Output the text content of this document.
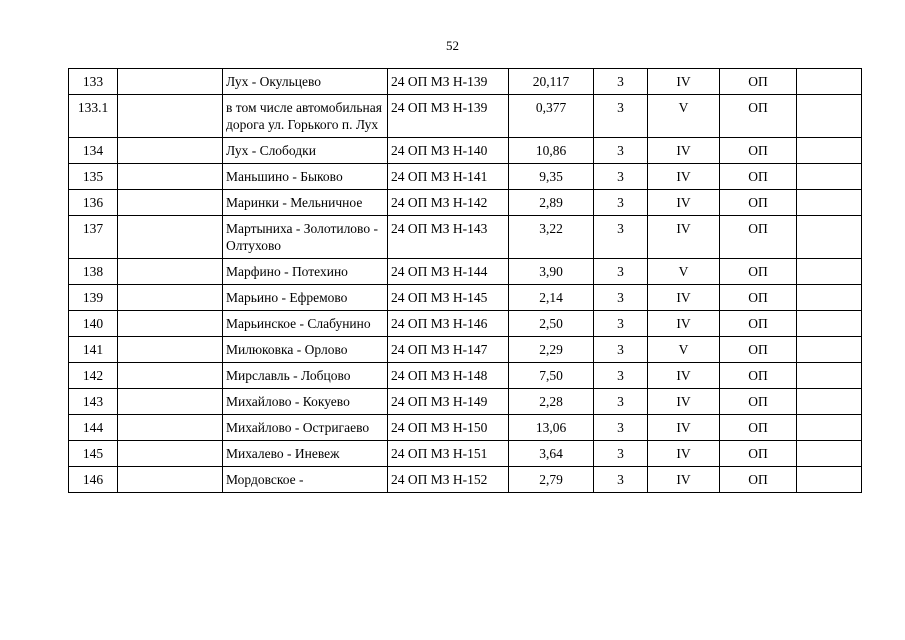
52
133		Лух - Окульцево	24 ОП МЗ Н-139	20,117	3	IV	ОП	
133.1		в том числе автомобильная дорога ул. Горького п. Лух	24 ОП МЗ Н-139	0,377	3	V	ОП	
134		Лух - Слободки	24 ОП МЗ Н-140	10,86	3	IV	ОП	
135		Маньшино - Быково	24 ОП МЗ Н-141	9,35	3	IV	ОП	
136		Маринки - Мельничное	24 ОП МЗ Н-142	2,89	3	IV	ОП	
137		Мартыниха - Золотилово - Олтухово	24 ОП МЗ Н-143	3,22	3	IV	ОП	
138		Марфино - Потехино	24 ОП МЗ Н-144	3,90	3	V	ОП	
139		Марьино - Ефремово	24 ОП МЗ Н-145	2,14	3	IV	ОП	
140		Марьинское - Слабунино	24 ОП МЗ Н-146	2,50	3	IV	ОП	
141		Милюковка - Орлово	24 ОП МЗ Н-147	2,29	3	V	ОП	
142		Мирславль - Лобцово	24 ОП МЗ Н-148	7,50	3	IV	ОП	
143		Михайлово - Кокуево	24 ОП МЗ Н-149	2,28	3	IV	ОП	
144		Михайлово - Остригаево	24 ОП МЗ Н-150	13,06	3	IV	ОП	
145		Михалево - Иневеж	24 ОП МЗ Н-151	3,64	3	IV	ОП	
146		Мордовское -	24 ОП МЗ Н-152	2,79	3	IV	ОП	
